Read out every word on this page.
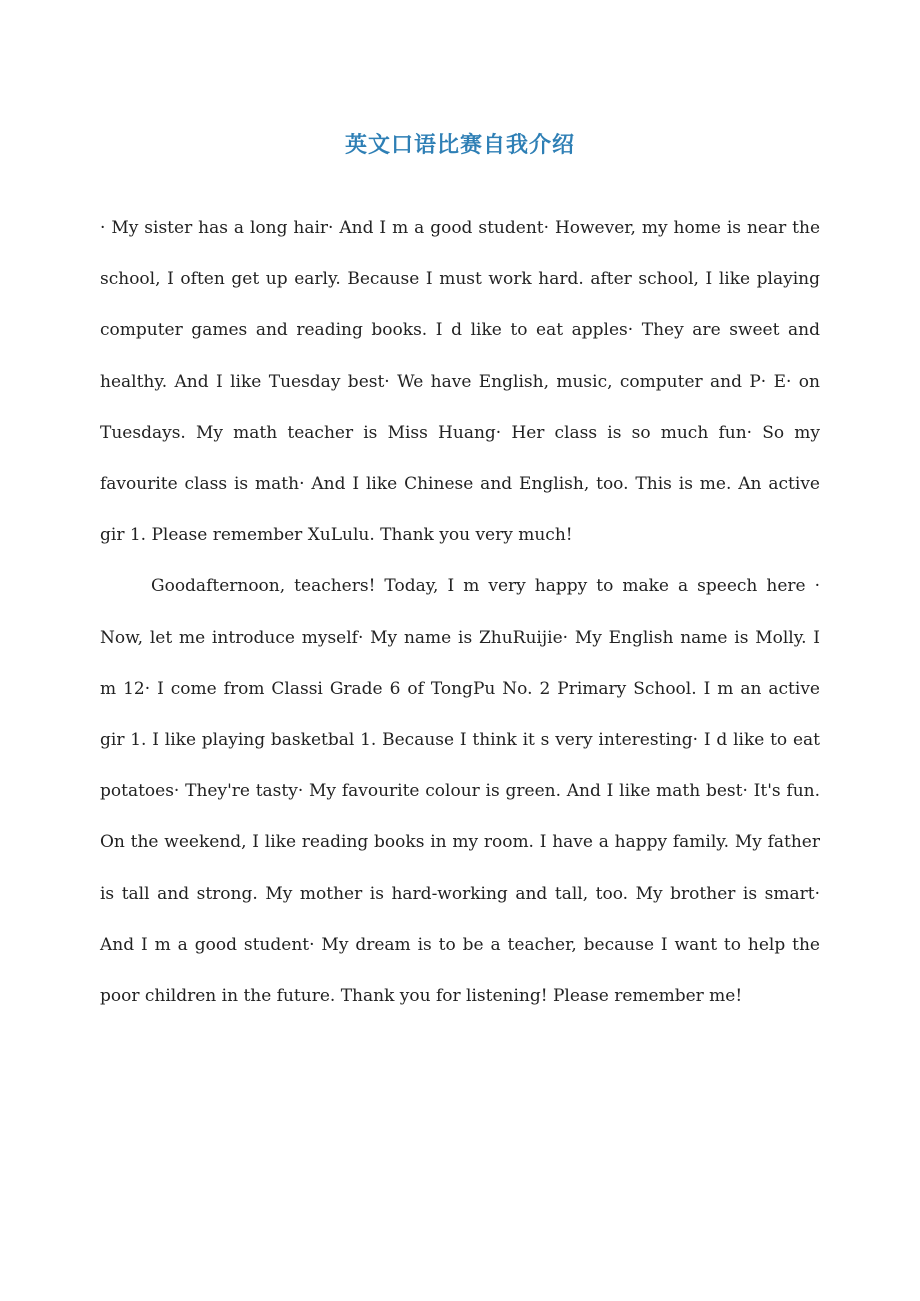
英文口语比赛自我介绍

· My sister has a long hair· And I m a good student· However, my home is near the school, I often get up early. Because I must work hard. after school, I like playing computer games and reading books. I d like to eat apples· They are sweet and healthy. And I like Tuesday best· We have English, music, computer and P· E· on Tuesdays. My math teacher is Miss Huang· Her class is so much fun· So my favourite class is math· And I like Chinese and English, too. This is me. An active gir 1. Please remember XuLulu. Thank you very much!

Goodafternoon, teachers! Today, I m very happy to make a speech here · Now, let me introduce myself· My name is ZhuRuijie· My English name is Molly. I m 12· I come from Classi Grade 6 of TongPu No. 2 Primary School. I m an active gir 1. I like playing basketbal 1. Because I think it s very interesting· I d like to eat potatoes· They're tasty· My favourite colour is green. And I like math best· It's fun. On the weekend, I like reading books in my room. I have a happy family. My father is tall and strong. My mother is hard-working and tall, too. My brother is smart· And I m a good student· My dream is to be a teacher, because I want to help the poor children in the future. Thank you for listening! Please remember me!
